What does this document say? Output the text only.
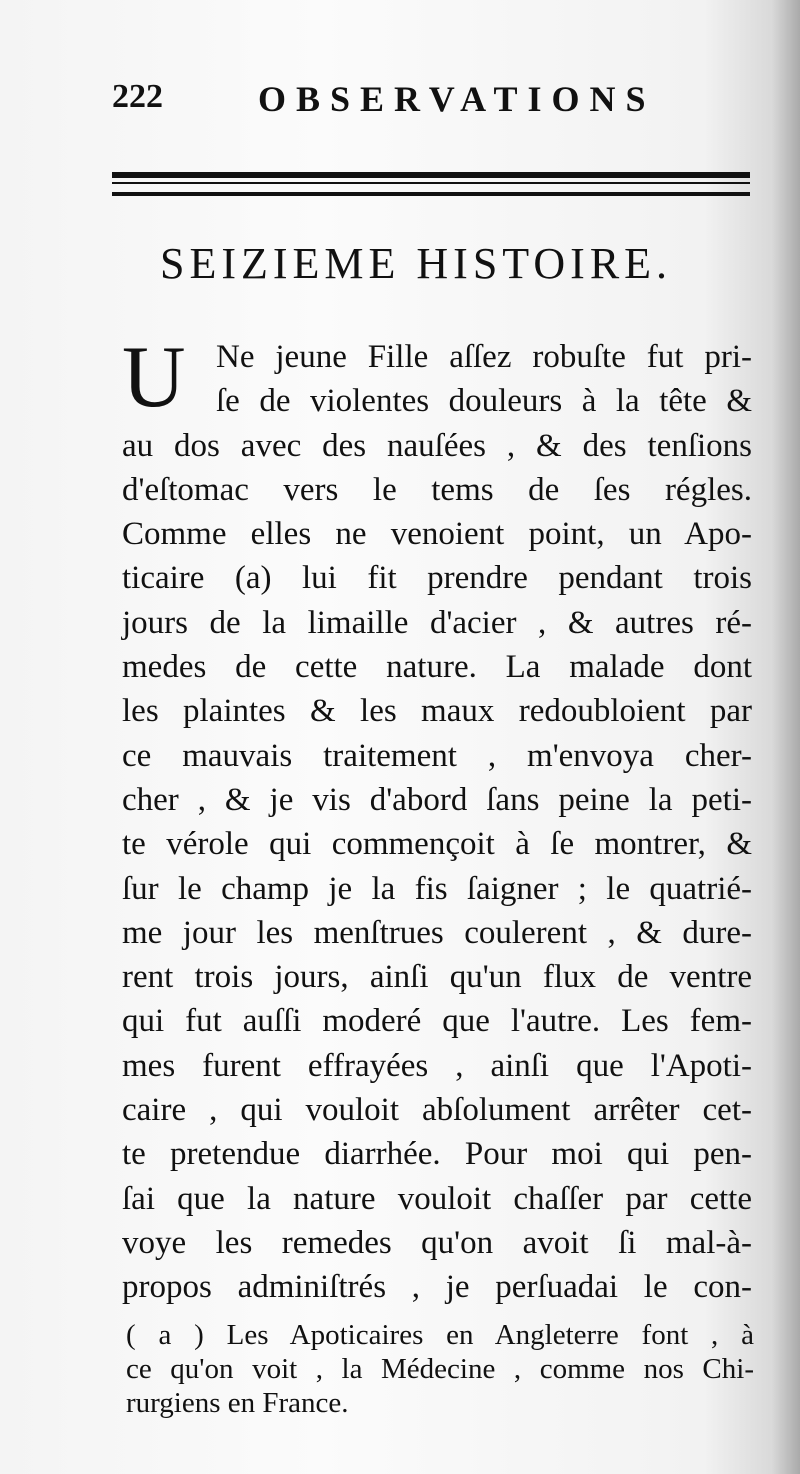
222	OBSERVATIONS
SEIZIEME HISTOIRE.
U Ne jeune Fille aſſez robuſte fut pri-
ſe de violentes douleurs à la tête &
au dos avec des nauſées , & des tenſions
d'eſtomac vers le tems de ſes régles.
Comme elles ne venoient point, un Apo-
ticaire (a) lui fit prendre pendant trois
jours de la limaille d'acier , & autres ré-
medes de cette nature. La malade dont
les plaintes & les maux redoubloient par
ce mauvais traitement , m'envoya cher-
cher , & je vis d'abord ſans peine la peti-
te vérole qui commençoit à ſe montrer, &
ſur le champ je la fis ſaigner ; le quatrié-
me jour les menſtrues coulerent , & dure-
rent trois jours, ainſi qu'un flux de ventre
qui fut auſſi moderé que l'autre. Les fem-
mes furent effrayées , ainſi que l'Apoti-
caire , qui vouloit abſolument arrêter cet-
te pretendue diarrhée. Pour moi qui pen-
ſai que la nature vouloit chaſſer par cette
voye les remedes qu'on avoit ſi mal-à-
propos adminiſtrés , je perſuadai le con-
( a ) Les Apoticaires en Angleterre font , à
ce qu'on voit , la Médecine , comme nos Chi-
rurgiens en France.
